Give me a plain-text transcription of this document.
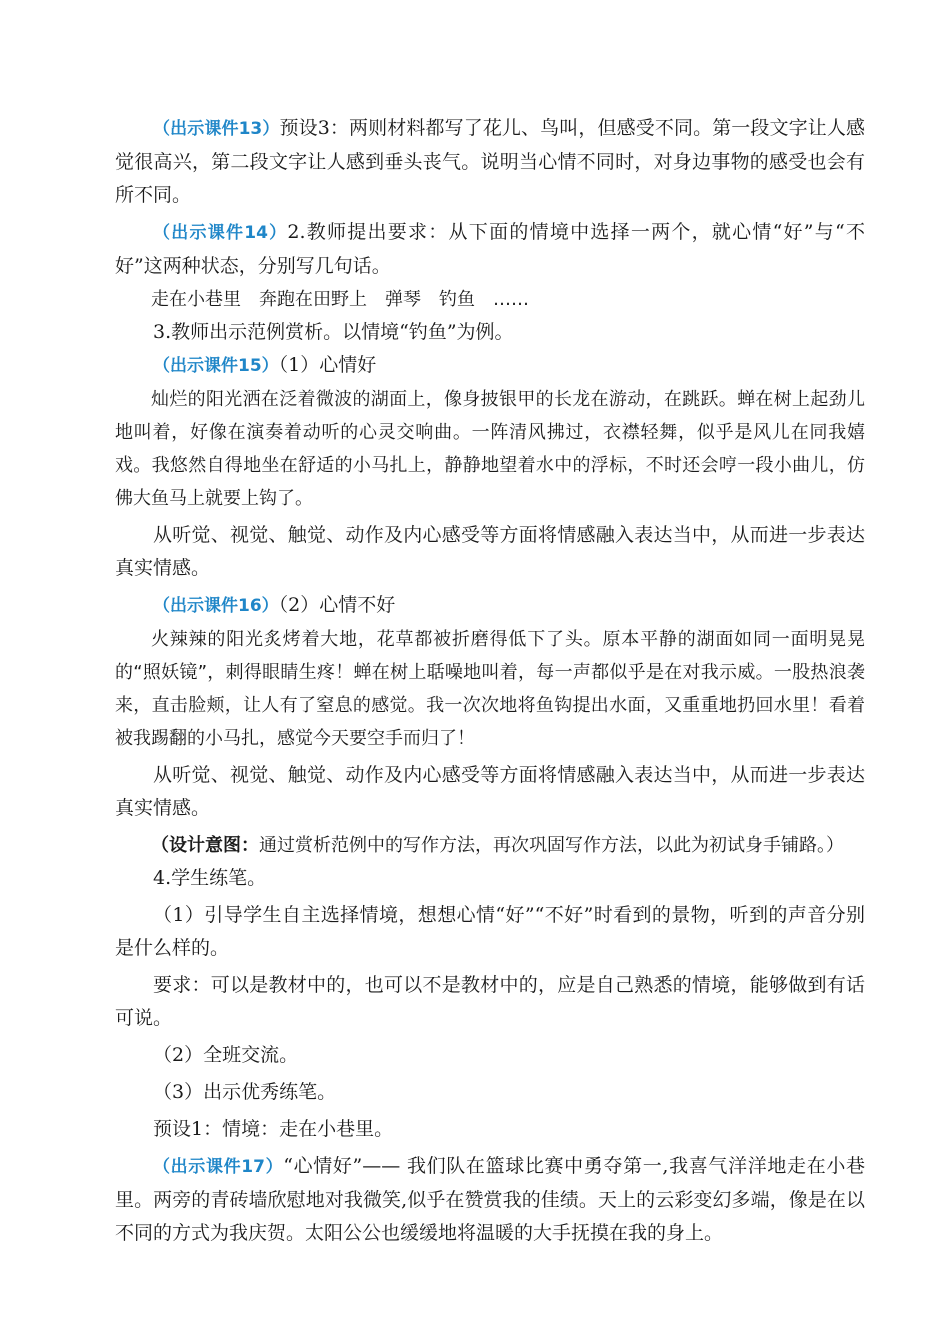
（出示课件13）预设3：两则材料都写了花儿、鸟叫，但感受不同。第一段文字让人感觉很高兴，第二段文字让人感到垂头丧气。说明当心情不同时，对身边事物的感受也会有所不同。

（出示课件14）2.教师提出要求：从下面的情境中选择一两个，就心情“好”与“不好”这两种状态，分别写几句话。

走在小巷里 奔跑在田野上 弹琴 钓鱼 ……

3.教师出示范例赏析。以情境“钓鱼”为例。

（出示课件15）（1）心情好

灿烂的阳光洒在泛着微波的湖面上，像身披银甲的长龙在游动，在跳跃。蝉在树上起劲儿地叫着，好像在演奏着动听的心灵交响曲。一阵清风拂过，衣襟轻舞，似乎是风儿在同我嬉戏。我悠然自得地坐在舒适的小马扎上，静静地望着水中的浮标，不时还会哼一段小曲儿，仿佛大鱼马上就要上钩了。

从听觉、视觉、触觉、动作及内心感受等方面将情感融入表达当中，从而进一步表达真实情感。

（出示课件16）（2）心情不好

火辣辣的阳光炙烤着大地，花草都被折磨得低下了头。原本平静的湖面如同一面明晃晃的“照妖镜”，刺得眼睛生疼！蝉在树上聒噪地叫着，每一声都似乎是在对我示威。一股热浪袭来，直击脸颊，让人有了窒息的感觉。我一次次地将鱼钩提出水面，又重重地扔回水里！看着被我踢翻的小马扎，感觉今天要空手而归了！

从听觉、视觉、触觉、动作及内心感受等方面将情感融入表达当中，从而进一步表达真实情感。

（设计意图：通过赏析范例中的写作方法，再次巩固写作方法，以此为初试身手铺路。）

4.学生练笔。

（1）引导学生自主选择情境，想想心情“好”“不好”时看到的景物，听到的声音分别是什么样的。

要求：可以是教材中的，也可以不是教材中的，应是自己熟悉的情境，能够做到有话可说。

（2）全班交流。

（3）出示优秀练笔。

预设1：情境：走在小巷里。

（出示课件17）“心情好”—— 我们队在篮球比赛中勇夺第一,我喜气洋洋地走在小巷里。两旁的青砖墙欣慰地对我微笑,似乎在赞赏我的佳绩。天上的云彩变幻多端，像是在以不同的方式为我庆贺。太阳公公也缓缓地将温暖的大手抚摸在我的身上。
